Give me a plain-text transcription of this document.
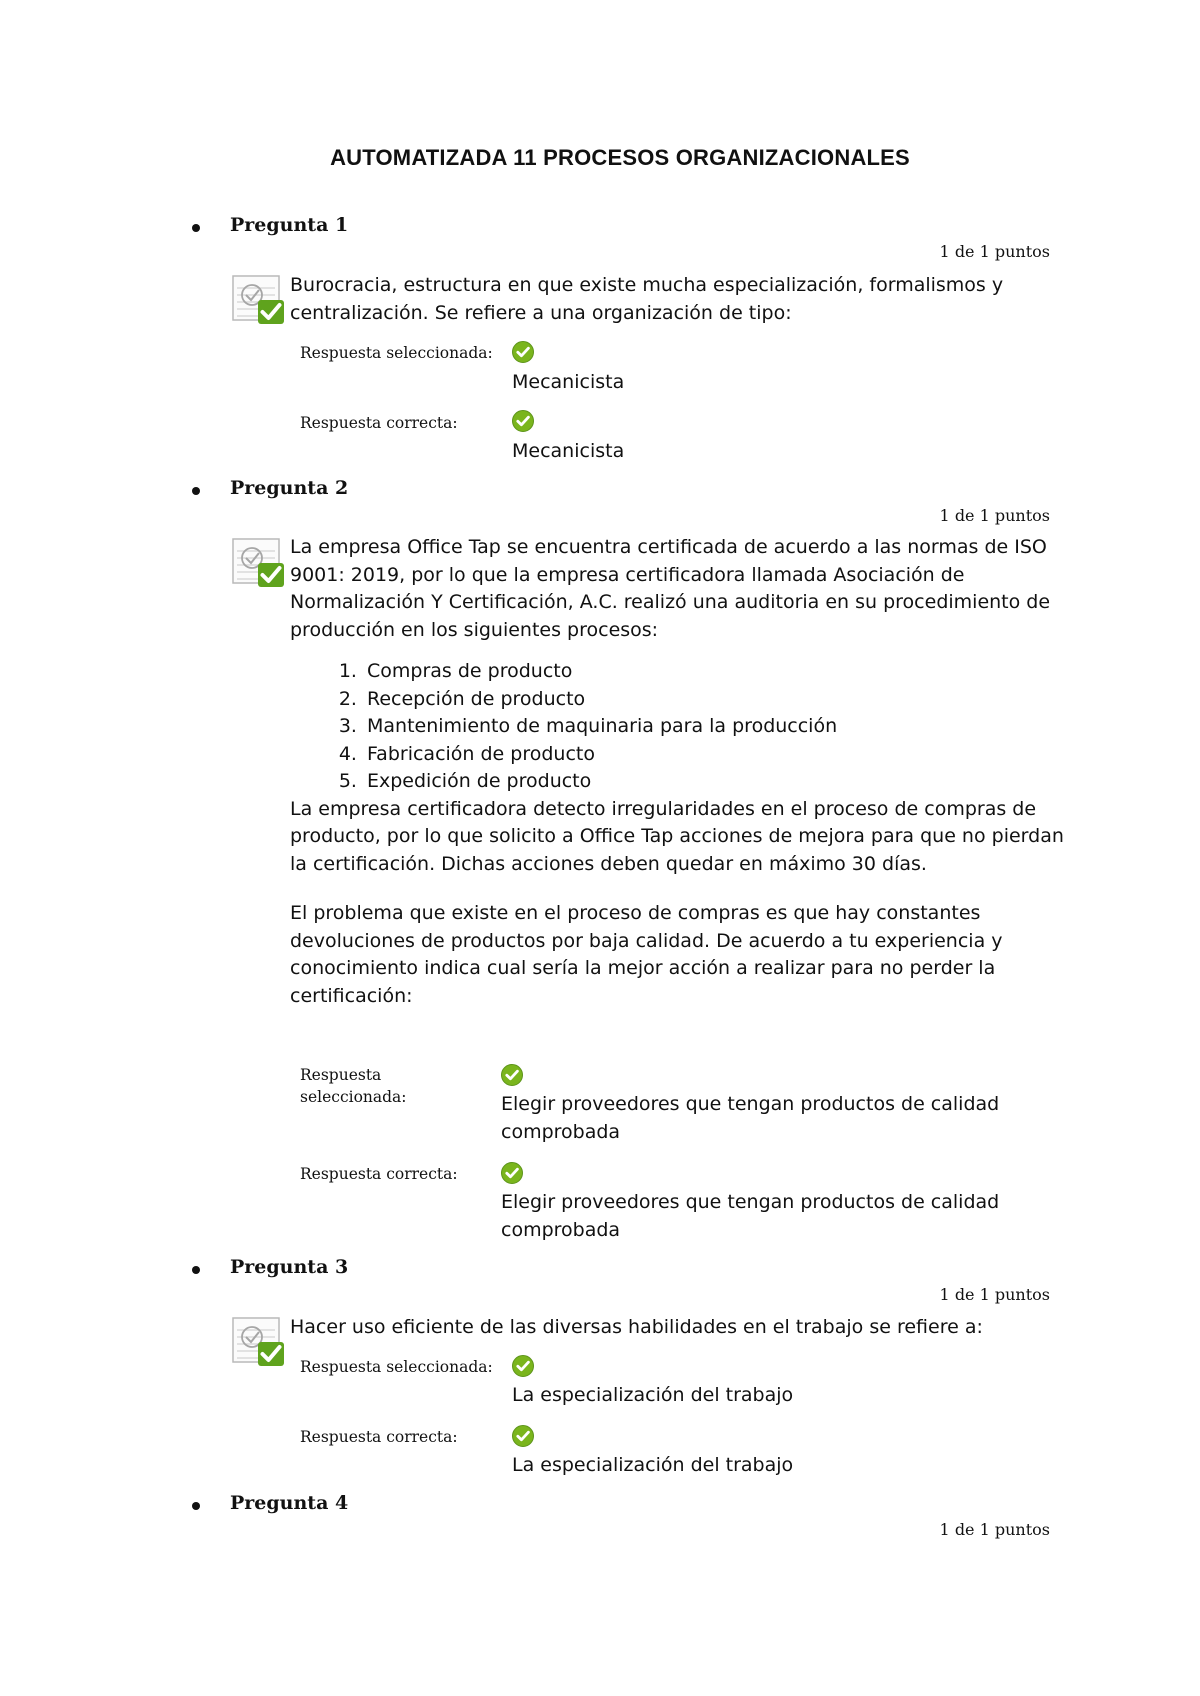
AUTOMATIZADA 11 PROCESOS ORGANIZACIONALES
Pregunta 1
1 de 1 puntos

Burocracia, estructura en que existe mucha especialización, formalismos y centralización. Se refiere a una organización de tipo:

Respuesta seleccionada:
Mecanicista
Respuesta correcta:
Mecanicista
Pregunta 2
1 de 1 puntos

La empresa Office Tap se encuentra certificada de acuerdo a las normas de ISO 9001: 2019, por lo que la empresa certificadora llamada Asociación de Normalización Y Certificación, A.C. realizó una auditoria en su procedimiento de producción en los siguientes procesos:

1. Compras de producto
2. Recepción de producto
3. Mantenimiento de maquinaria para la producción
4. Fabricación de producto
5. Expedición de producto

La empresa certificadora detecto irregularidades en el proceso de compras de producto, por lo que solicito a Office Tap acciones de mejora para que no pierdan la certificación. Dichas acciones deben quedar en máximo 30 días.

El problema que existe en el proceso de compras es que hay constantes devoluciones de productos por baja calidad. De acuerdo a tu experiencia y conocimiento indica cual sería la mejor acción a realizar para no perder la certificación:

Respuesta
seleccionada:	Elegir proveedores que tengan productos de calidad comprobada
Respuesta correcta:
Elegir proveedores que tengan productos de calidad comprobada
Pregunta 3
1 de 1 puntos

Hacer uso eficiente de las diversas habilidades en el trabajo se refiere a:

Respuesta seleccionada:
La especialización del trabajo
Respuesta correcta:
La especialización del trabajo
Pregunta 4
1 de 1 puntos
